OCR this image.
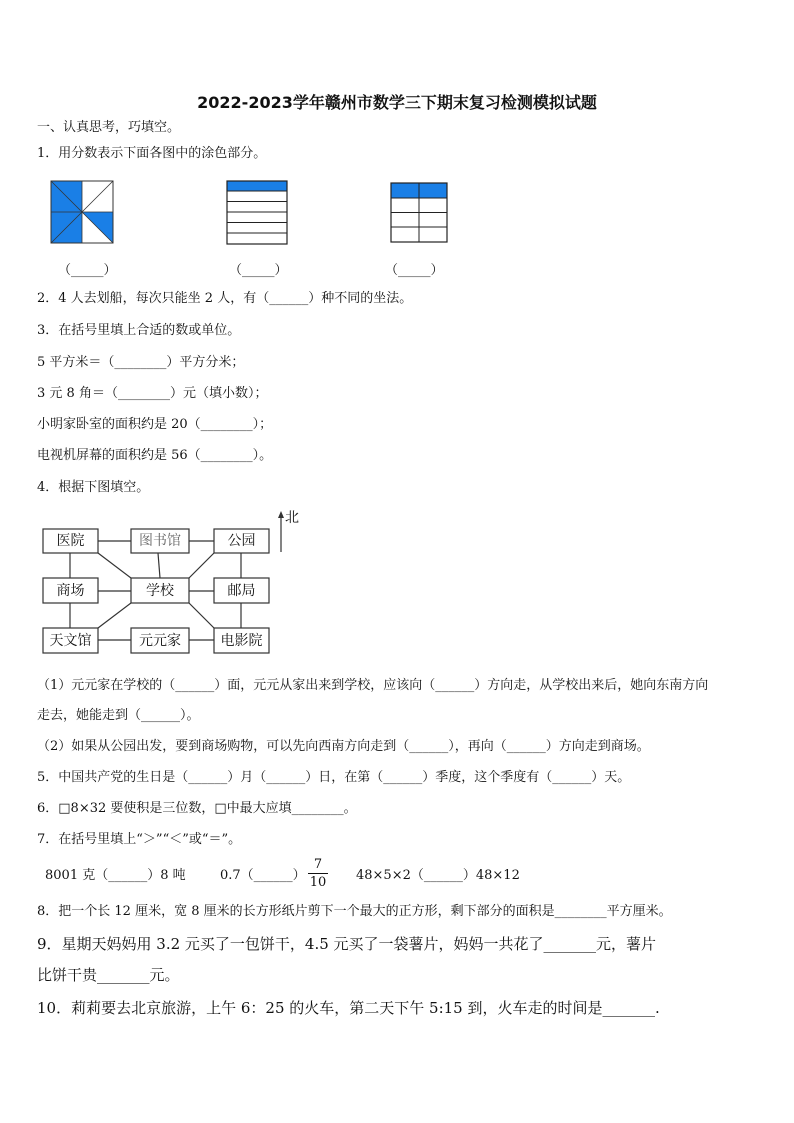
2022-2023学年赣州市数学三下期末复习检测模拟试题
一、认真思考，巧填空。
1．用分数表示下面各图中的涂色部分。
（_____）	（_____）	（_____）
2．4 人去划船，每次只能坐 2 人，有（______）种不同的坐法。
3．在括号里填上合适的数或单位。
5 平方米＝（________）平方分米；
3 元 8 角＝（________）元（填小数）；
小明家卧室的面积约是 20（________）；
电视机屏幕的面积约是 56（________）。
4．根据下图填空。
医院	图书馆	公园
商场	学校	邮局
天文馆	元元家	电影院
北
（1）元元家在学校的（______）面，元元从家出来到学校，应该向（______）方向走，从学校出来后，她向东南方向
走去，她能走到（______）。
（2）如果从公园出发，要到商场购物，可以先向西南方向走到（______），再向（______）方向走到商场。
5．中国共产党的生日是（______）月（______）日，在第（______）季度，这个季度有（______）天。
6．□8×32 要使积是三位数，□中最大应填________。
7．在括号里填上“＞”“＜”或“＝”。
8001 克（______）8 吨	0.7（______） $\frac{7}{10}$ 48×5×2（______）48×12
8．把一个长 12 厘米，宽 8 厘米的长方形纸片剪下一个最大的正方形，剩下部分的面积是________平方厘米。
9．星期天妈妈用 3.2 元买了一包饼干，4.5 元买了一袋薯片，妈妈一共花了_______元，薯片
比饼干贵_______元。
10．莉莉要去北京旅游，上午 6：25 的火车，第二天下午 5:15 到，火车走的时间是_______.
